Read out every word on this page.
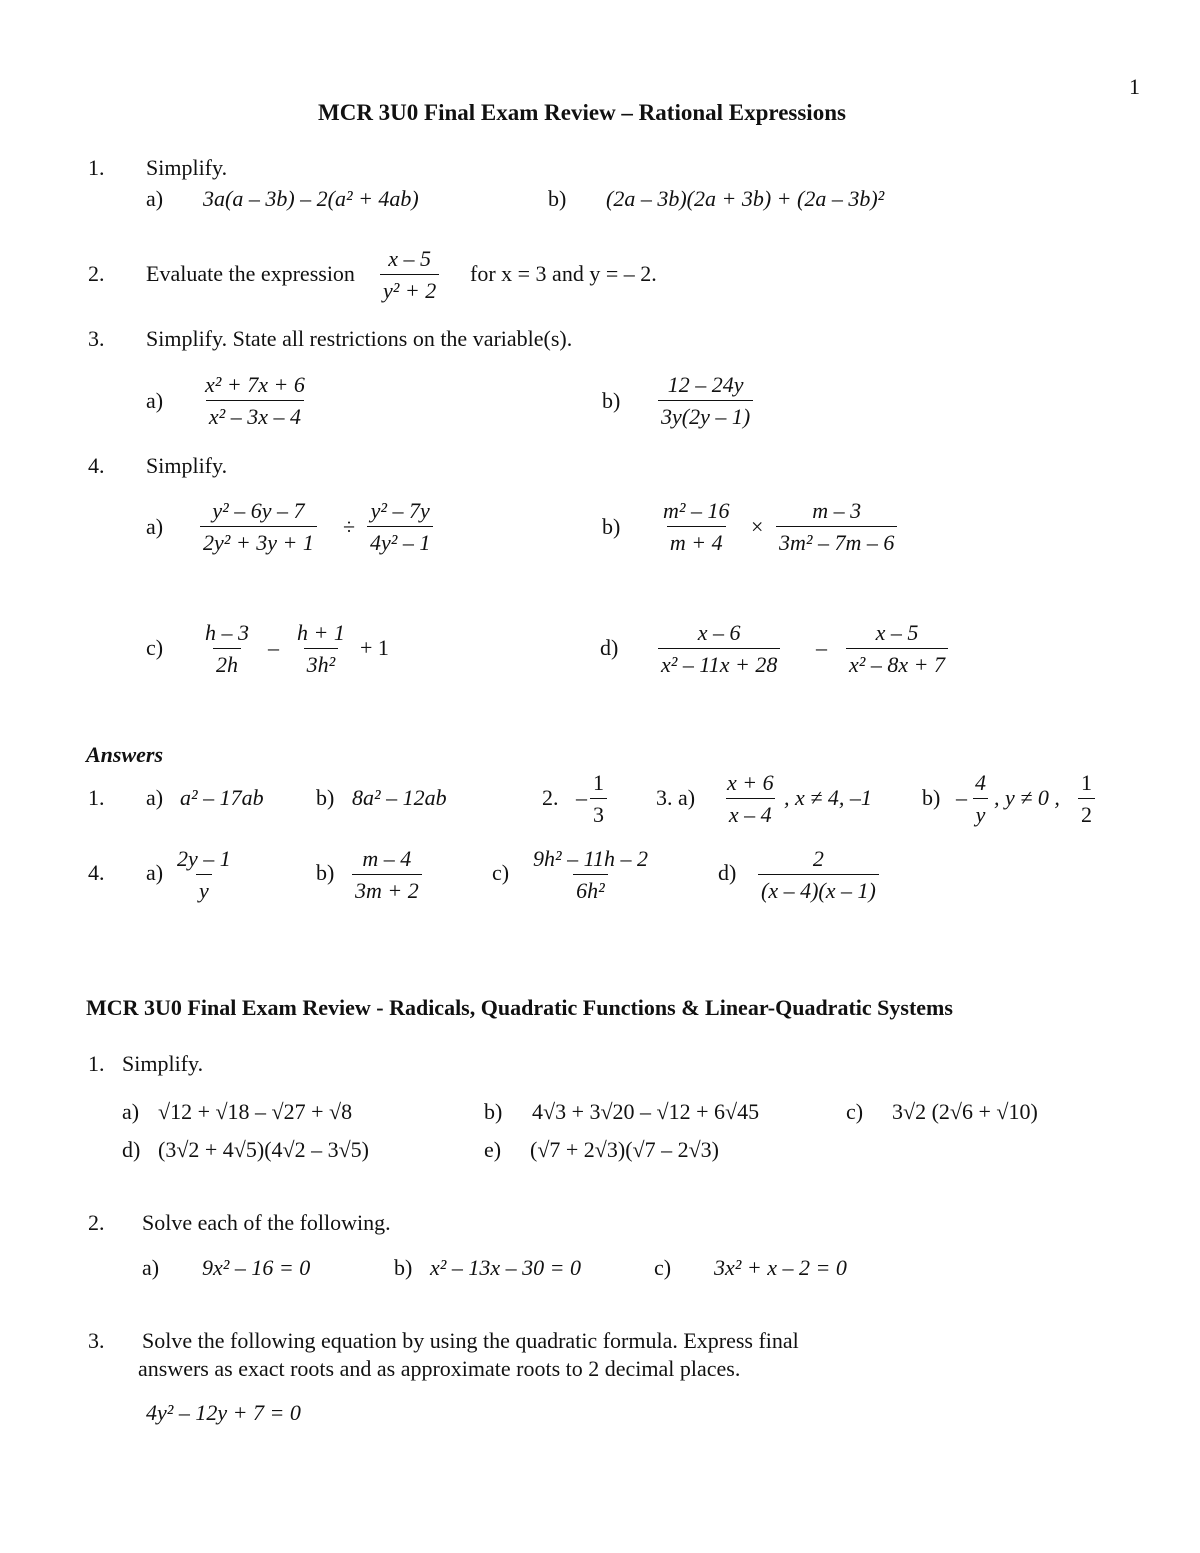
1
MCR 3U0 Final Exam Review – Rational Expressions
1. Simplify.
a) 3a(a – 3b) – 2(a² + 4ab)	b) (2a – 3b)(2a + 3b) + (2a – 3b)²
2. Evaluate the expression $\frac{x - 5}{\text{y² + 2}}$ for x = 3 and y = – 2.
3. Simplify. State all restrictions on the variable(s).
$a) \frac{\text{x² + 7x + 6}}{\text{x² – 3x – 4}}$	$b) \frac{12 - 24y}{3y(2y - 1)}$
4. Simplify.
$a) \frac{\text{y² – 6y – 7}}{\text{2y² + 3y + 1}} \div \frac{\text{y² – 7y}}{\text{4y² – 1}}$	$b) \frac{\text{m² – 16}}{m + 4} \times \frac{m - 3}{\text{3m² – 7m – 6}}$
$c) \frac{h - 3}{2h} - \frac{h + 1}{\text{3h²}} + 1$	$d) \frac{x - 6}{\text{x² – 11x + 28}} - \frac{x - 5}{\text{x² – 8x + 7}}$
Answers
1. a) a² – 17ab b) 8a² – 12ab	2. – $\frac{1}{3} 3$. $a) \frac{x + 6}{x - 4}$ , x ≠ 4, –1 $b) - \frac{4}{y}$ , y ≠ 0 , $\frac{1}{2}$
4. $a) \frac{2y - 1}{y}$	$b) \frac{m - 4}{3m + 2}$	$c) \frac{\text{9h² – 11h – 2}}{\text{6h²}}$	$d) \frac{2}{(x - 4)(x - 1)}$
MCR 3U0 Final Exam Review - Radicals, Quadratic Functions & Linear-Quadratic Systems
1. Simplify.
a) √12 + √18 – √27 + √8	b) 4√3 + 3√20 – √12 + 6√45	c) 3√2 (2√6 + √10)
d) (3√2 + 4√5)(4√2 – 3√5)	e) (√7 + 2√3)(√7 – 2√3)
2. Solve each of the following.
a) 9x² – 16 = 0	b) x² – 13x – 30 = 0	c) 3x² + x – 2 = 0
3. Solve the following equation by using the quadratic formula. Express final
answers as exact roots and as approximate roots to 2 decimal places.
4y² – 12y + 7 = 0
